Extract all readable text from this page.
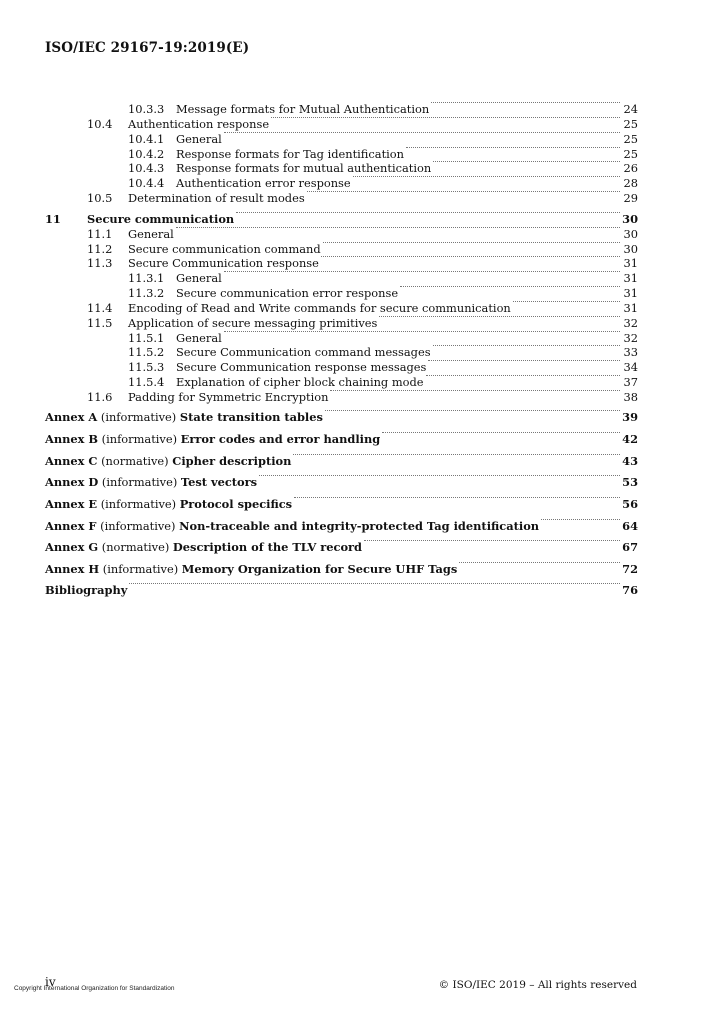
ISO/IEC 29167-19:2019(E)
10.3.3 Message formats for Mutual Authentication	24
10.4 Authentication response	25
10.4.1 General	25
10.4.2 Response formats for Tag identification	25
10.4.3 Response formats for mutual authentication	26
10.4.4 Authentication error response	28
10.5 Determination of result modes	29
11 Secure communication	30
11.1 General	30
11.2 Secure communication command	30
11.3 Secure Communication response	31
11.3.1 General	31
11.3.2 Secure communication error response	31
11.4 Encoding of Read and Write commands for secure communication	31
11.5 Application of secure messaging primitives	32
11.5.1 General	32
11.5.2 Secure Communication command messages	33
11.5.3 Secure Communication response messages	34
11.5.4 Explanation of cipher block chaining mode	37
11.6 Padding for Symmetric Encryption	38
Annex A (informative) State transition tables	39
Annex B (informative) Error codes and error handling	42
Annex C (normative) Cipher description	43
Annex D (informative) Test vectors	53
Annex E (informative) Protocol specifics	56
Annex F (informative) Non-traceable and integrity-protected Tag identification	64
Annex G (normative) Description of the TLV record	67
Annex H (informative) Memory Organization for Secure UHF Tags	72
Bibliography	76
iv
Copyright International Organization for Standardization	© ISO/IEC 2019 – All rights reserved
